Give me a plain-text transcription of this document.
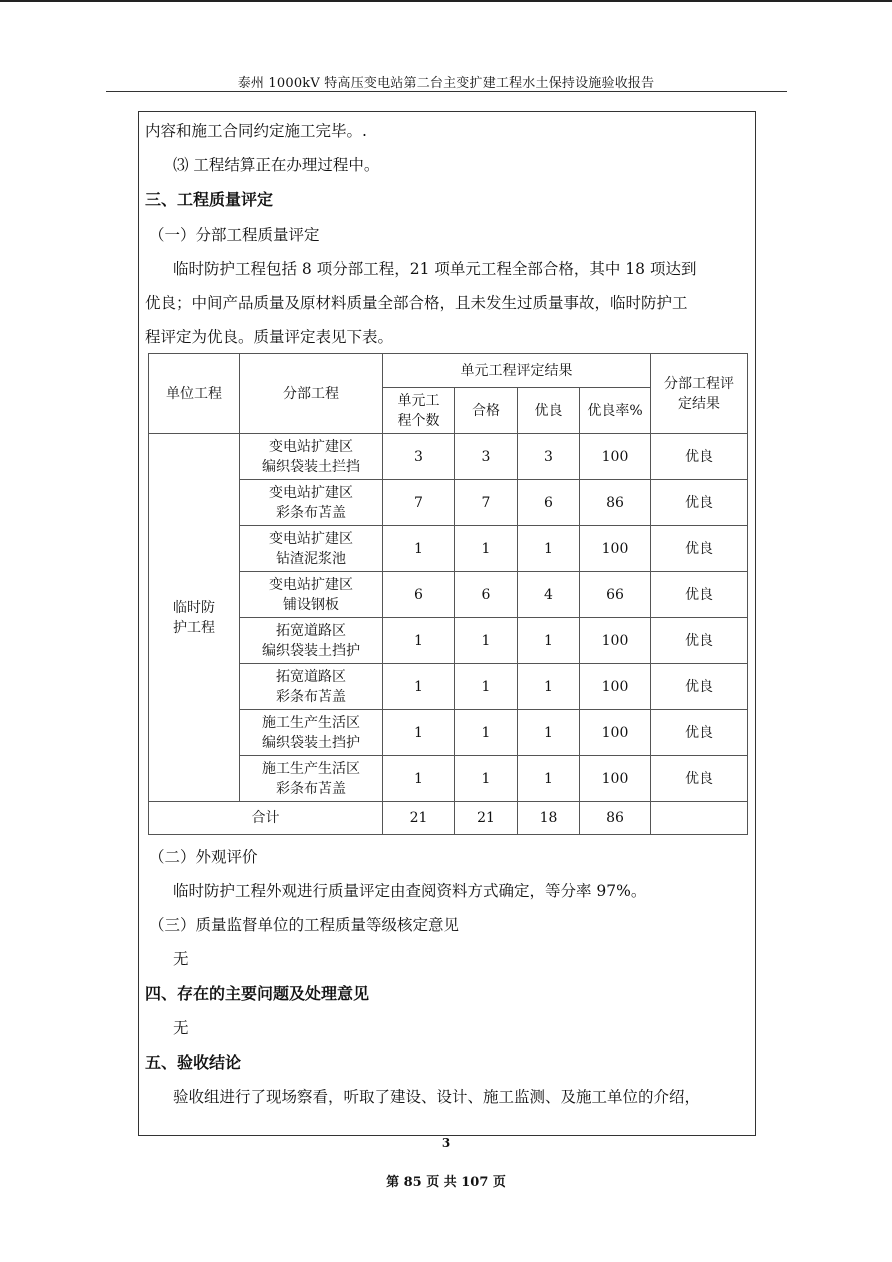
泰州 1000kV 特高压变电站第二台主变扩建工程水土保持设施验收报告
内容和施工合同约定施工完毕。.
⑶ 工程结算正在办理过程中。
三、工程质量评定
（一）分部工程质量评定
临时防护工程包括 8 项分部工程，21 项单元工程全部合格，其中 18 项达到
优良；中间产品质量及原材料质量全部合格，且未发生过质量事故，临时防护工
程评定为优良。质量评定表见下表。
单位工程	分部工程	单元工程评定结果				分部工程评定结果
		单元工程个数	合格	优良	优良率%	
临时防护工程	变电站扩建区
编织袋装土拦挡	3	3	3	100	优良
	变电站扩建区
彩条布苫盖	7	7	6	86	优良
	变电站扩建区
钻渣泥浆池	1	1	1	100	优良
	变电站扩建区
铺设钢板	6	6	4	66	优良
	拓宽道路区
编织袋装土挡护	1	1	1	100	优良
	拓宽道路区
彩条布苫盖	1	1	1	100	优良
	施工生产生活区
编织袋装土挡护	1	1	1	100	优良
	施工生产生活区
彩条布苫盖	1	1	1	100	优良
合计		21	21	18	86	
（二）外观评价
临时防护工程外观进行质量评定由查阅资料方式确定，等分率 97%。
（三）质量监督单位的工程质量等级核定意见
无
四、存在的主要问题及处理意见
无
五、验收结论
验收组进行了现场察看，听取了建设、设计、施工监测、及施工单位的介绍，
3
第 85 页 共 107 页
